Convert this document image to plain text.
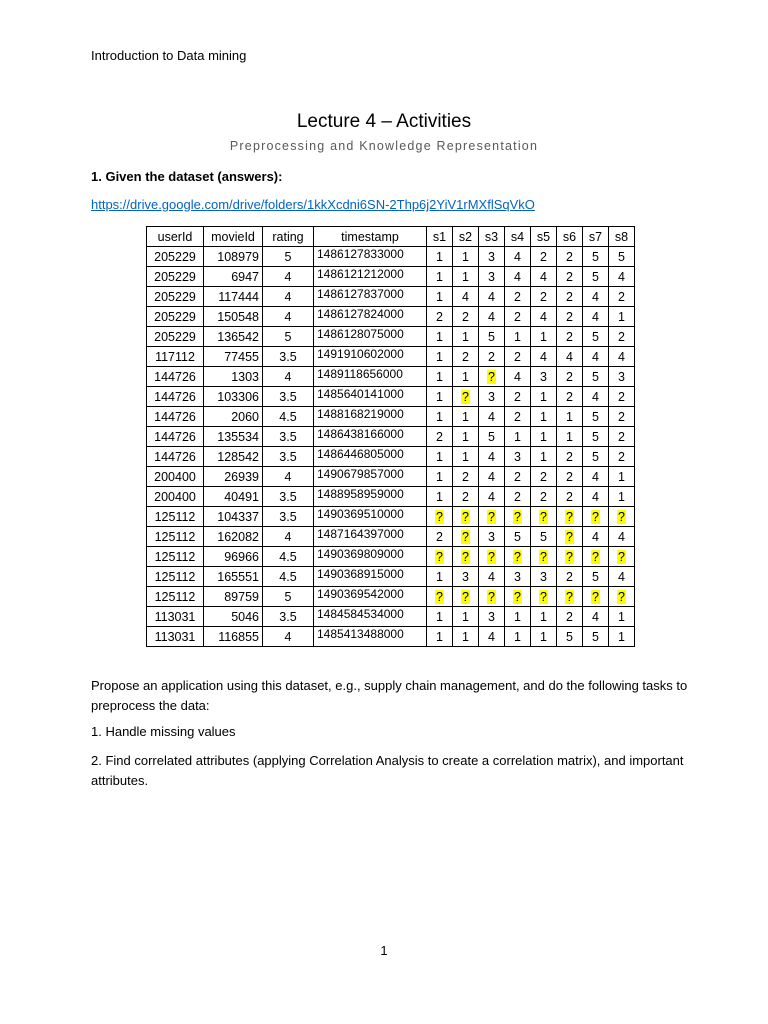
Introduction to Data mining
Lecture 4 – Activities
Preprocessing and Knowledge Representation
1. Given the dataset (answers):
https://drive.google.com/drive/folders/1kkXcdni6SN-2Thp6j2YiV1rMXflSqVkO
userId	movieId	rating	timestamp	s1	s2	s3	s4	s5	s6	s7	s8
205229	108979	5	1486127833000	1	1	3	4	2	2	5	5
205229	6947	4	1486121212000	1	1	3	4	4	2	5	4
205229	117444	4	1486127837000	1	4	4	2	2	2	4	2
205229	150548	4	1486127824000	2	2	4	2	4	2	4	1
205229	136542	5	1486128075000	1	1	5	1	1	2	5	2
117112	77455	3.5	1491910602000	1	2	2	2	4	4	4	4
144726	1303	4	1489118656000	1	1	?	4	3	2	5	3
144726	103306	3.5	1485640141000	1	?	3	2	1	2	4	2
144726	2060	4.5	1488168219000	1	1	4	2	1	1	5	2
144726	135534	3.5	1486438166000	2	1	5	1	1	1	5	2
144726	128542	3.5	1486446805000	1	1	4	3	1	2	5	2
200400	26939	4	1490679857000	1	2	4	2	2	2	4	1
200400	40491	3.5	1488958959000	1	2	4	2	2	2	4	1
125112	104337	3.5	1490369510000	?	?	?	?	?	?	?	?
125112	162082	4	1487164397000	2	?	3	5	5	?	4	4
125112	96966	4.5	1490369809000	?	?	?	?	?	?	?	?
125112	165551	4.5	1490368915000	1	3	4	3	3	2	5	4
125112	89759	5	1490369542000	?	?	?	?	?	?	?	?
113031	5046	3.5	1484584534000	1	1	3	1	1	2	4	1
113031	116855	4	1485413488000	1	1	4	1	1	5	5	1
Propose an application using this dataset, e.g., supply chain management, and do the following tasks to preprocess the data:
1. Handle missing values
2. Find correlated attributes (applying Correlation Analysis to create a correlation matrix), and important attributes.
1
